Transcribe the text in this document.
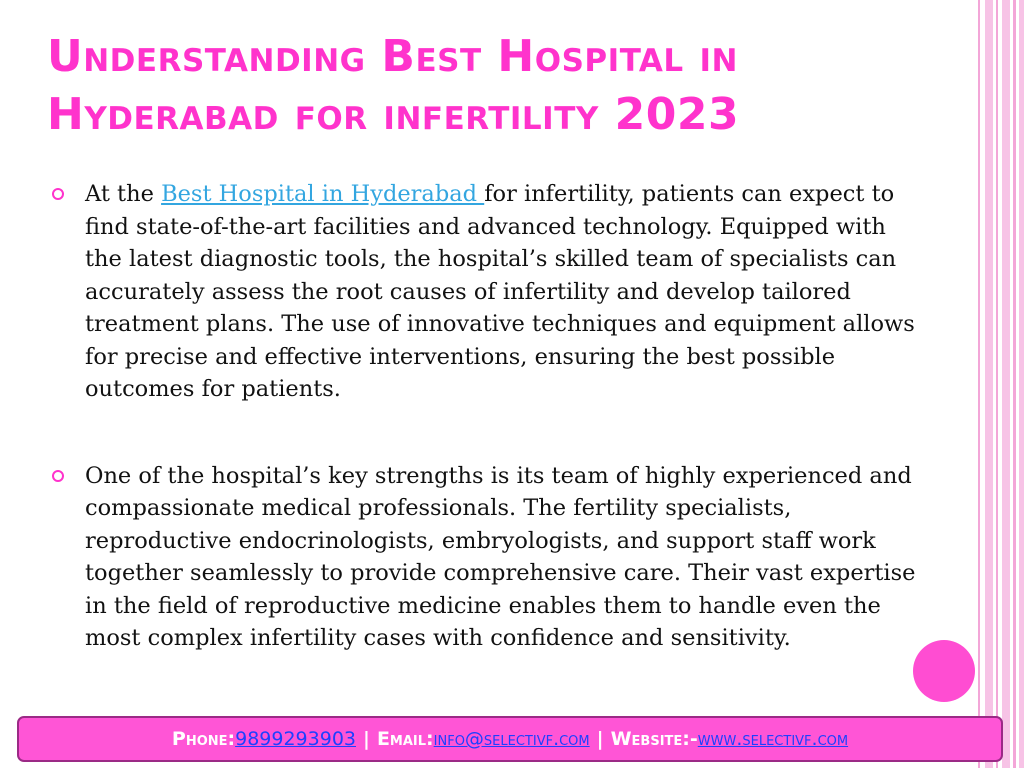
Understanding Best Hospital in Hyderabad for infertility 2023
At the Best Hospital in Hyderabad for infertility, patients can expect to find state-of-the-art facilities and advanced technology. Equipped with the latest diagnostic tools, the hospital’s skilled team of specialists can accurately assess the root causes of infertility and develop tailored treatment plans. The use of innovative techniques and equipment allows for precise and effective interventions, ensuring the best possible outcomes for patients.
One of the hospital’s key strengths is its team of highly experienced and compassionate medical professionals. The fertility specialists, reproductive endocrinologists, embryologists, and support staff work together seamlessly to provide comprehensive care. Their vast expertise in the field of reproductive medicine enables them to handle even the most complex infertility cases with confidence and sensitivity.
Phone: 9899293903 | Email: info@selectivf.com | Website:- www.selectivf.com
